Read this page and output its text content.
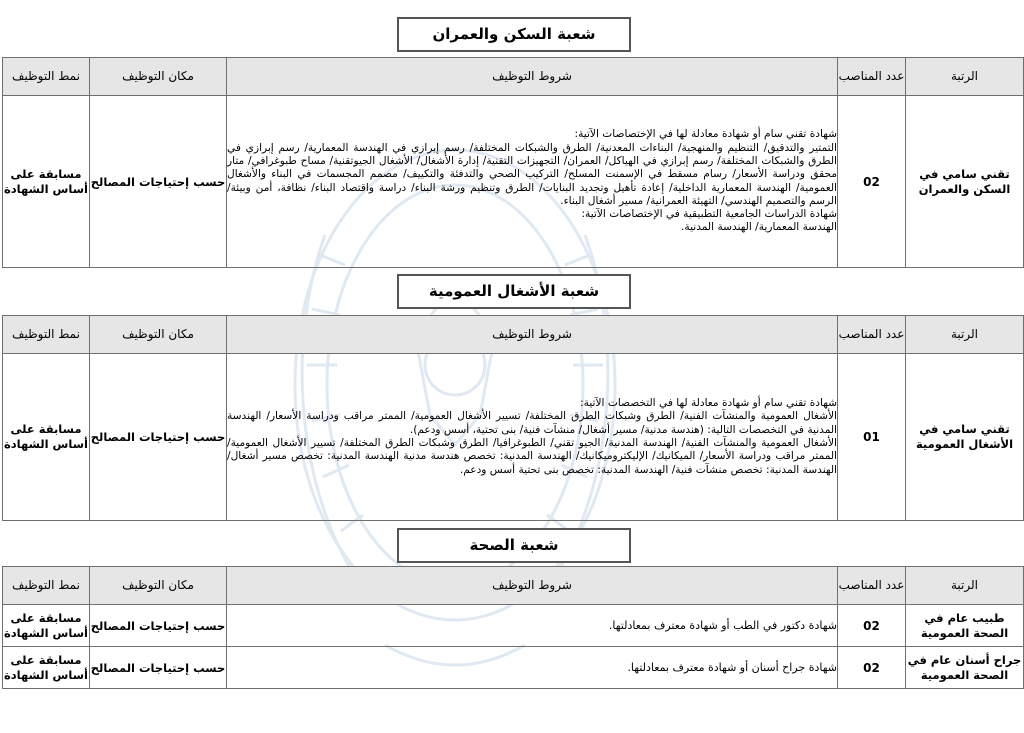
شعبة السكن والعمران
الرتبة	عدد المناصب	شروط التوظيف	مكان التوظيف	نمط التوظيف
تقني سامي في السكن والعمران	02	شهادة تقني سام أو شهادة معادلة لها في الإختصاصات الآتية:

التمتير والتدقيق/ التنظيم والمنهجية/ البناءات المعدنية/ الطرق والشبكات المختلفة/ رسم إبرازي في الهندسة المعمارية/ رسم إبرازي في الطرق والشبكات المختلفة/ رسم إبرازي في الهياكل/ العمران/ التجهيزات التقنية/ إدارة الأشغال/ الأشغال الجيوتقنية/ مساح طبوغرافي/ متار محقق ودراسة الأسعار/ رسام مسقط في الإسمنت المسلح/ التركيب الصحي والتدفئة والتكييف/ مصمم المجسمات في البناء والأشغال العمومية/ الهندسة المعمارية الداخلية/ إعادة تأهيل وتجديد البنايات/ الطرق وتنظيم ورشة البناء/ دراسة واقتصاد البناء/ نظافة، أمن وبيئة/ الرسم والتصميم الهندسي/ التهيئة العمرانية/ مسير أشغال البناء.

شهادة الدراسات الجامعية التطبيقية في الإختصاصات الآتية:

الهندسة المعمارية/ الهندسة المدنية.	حسب إحتياجات المصالح	مسابقة على أساس الشهادة
شعبة الأشغال العمومية
الرتبة	عدد المناصب	شروط التوظيف	مكان التوظيف	نمط التوظيف
تقني سامي في الأشغال العمومية	01	شهادة تقني سام أو شهادة معادلة لها في التخصصات الآتية:

الأشغال العمومية والمنشآت الفنية/ الطرق وشبكات الطرق المختلفة/ تسيير الأشغال العمومية/ الممتر مراقب ودراسة الأسعار/ الهندسة المدنية في التخصصات التالية: (هندسة مدنية/ مسير أشغال/ منشآت فنية/ بنى تحتية، أسس ودعم).

الأشغال العمومية والمنشآت الفنية/ الهندسة المدنية/ الجيو تقني/ الطبوغرافيا/ الطرق وشبكات الطرق المختلفة/ تسيير الأشغال العمومية/ الممتر مراقب ودراسة الأسعار/ الميكانيك/ الإليكتروميكانيك/ الهندسة المدنية: تخصص هندسة مدنية الهندسة المدنية: تخصص مسير أشغال/ الهندسة المدنية: تخصص منشآت فنية/ الهندسة المدنية: تخصص بنى تحتية أسس ودعم.	حسب إحتياجات المصالح	مسابقة على أساس الشهادة
شعبة الصحة
الرتبة	عدد المناصب	شروط التوظيف	مكان التوظيف	نمط التوظيف
طبيب عام في الصحة العمومية	02	شهادة دكتور في الطب أو شهادة معترف بمعادلتها.	حسب إحتياجات المصالح	مسابقة على أساس الشهادة
جراح أسنان عام في الصحة العمومية	02	شهادة جراح أسنان أو شهادة معترف بمعادلتها.	حسب إحتياجات المصالح	مسابقة على أساس الشهادة
